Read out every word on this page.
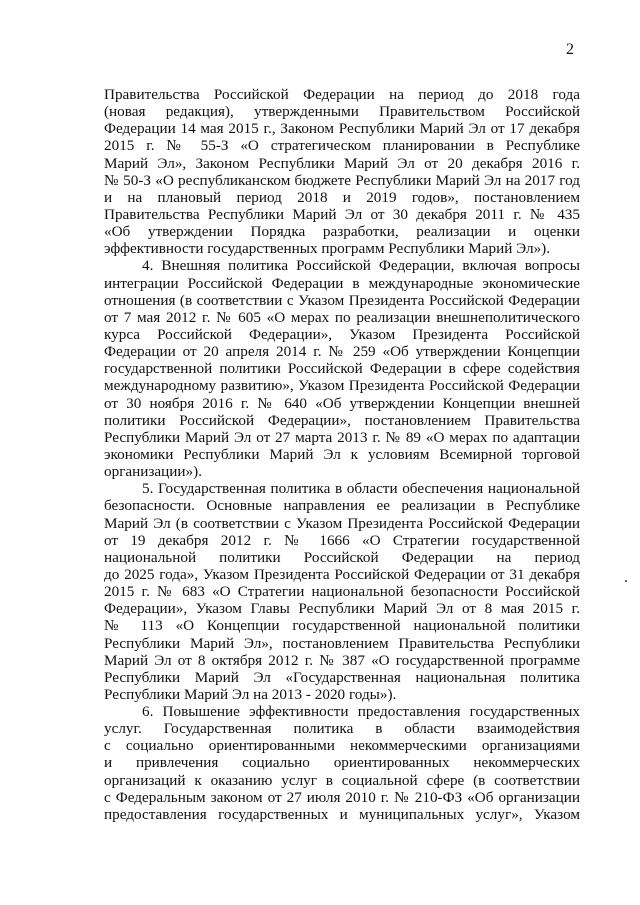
2
Правительства Российской Федерации на период до 2018 года
(новая редакция), утвержденными Правительством Российской
Федерации 14 мая 2015 г., Законом Республики Марий Эл от 17 декабря
2015 г. № 55-З «О стратегическом планировании в Республике
Марий Эл», Законом Республики Марий Эл от 20 декабря 2016 г.
№ 50-З «О республиканском бюджете Республики Марий Эл на 2017 год
и на плановый период 2018 и 2019 годов», постановлением
Правительства Республики Марий Эл от 30 декабря 2011 г. № 435
«Об утверждении Порядка разработки, реализации и оценки
эффективности государственных программ Республики Марий Эл»).
4. Внешняя политика Российской Федерации, включая вопросы
интеграции Российской Федерации в международные экономические
отношения (в соответствии с Указом Президента Российской Федерации
от 7 мая 2012 г. № 605 «О мерах по реализации внешнеполитического
курса Российской Федерации», Указом Президента Российской
Федерации от 20 апреля 2014 г. № 259 «Об утверждении Концепции
государственной политики Российской Федерации в сфере содействия
международному развитию», Указом Президента Российской Федерации
от 30 ноября 2016 г. № 640 «Об утверждении Концепции внешней
политики Российской Федерации», постановлением Правительства
Республики Марий Эл от 27 марта 2013 г. № 89 «О мерах по адаптации
экономики Республики Марий Эл к условиям Всемирной торговой
организации»).
5. Государственная политика в области обеспечения национальной
безопасности. Основные направления ее реализации в Республике
Марий Эл (в соответствии с Указом Президента Российской Федерации
от 19 декабря 2012 г. № 1666 «О Стратегии государственной
национальной политики Российской Федерации на период
до 2025 года», Указом Президента Российской Федерации от 31 декабря
2015 г. № 683 «О Стратегии национальной безопасности Российской
Федерации», Указом Главы Республики Марий Эл от 8 мая 2015 г.
№ 113 «О Концепции государственной национальной политики
Республики Марий Эл», постановлением Правительства Республики
Марий Эл от 8 октября 2012 г. № 387 «О государственной программе
Республики Марий Эл «Государственная национальная политика
Республики Марий Эл на 2013 - 2020 годы»).
6. Повышение эффективности предоставления государственных
услуг. Государственная политика в области взаимодействия
с социально ориентированными некоммерческими организациями
и привлечения социально ориентированных некоммерческих
организаций к оказанию услуг в социальной сфере (в соответствии
с Федеральным законом от 27 июля 2010 г. № 210-ФЗ «Об организации
предоставления государственных и муниципальных услуг», Указом
